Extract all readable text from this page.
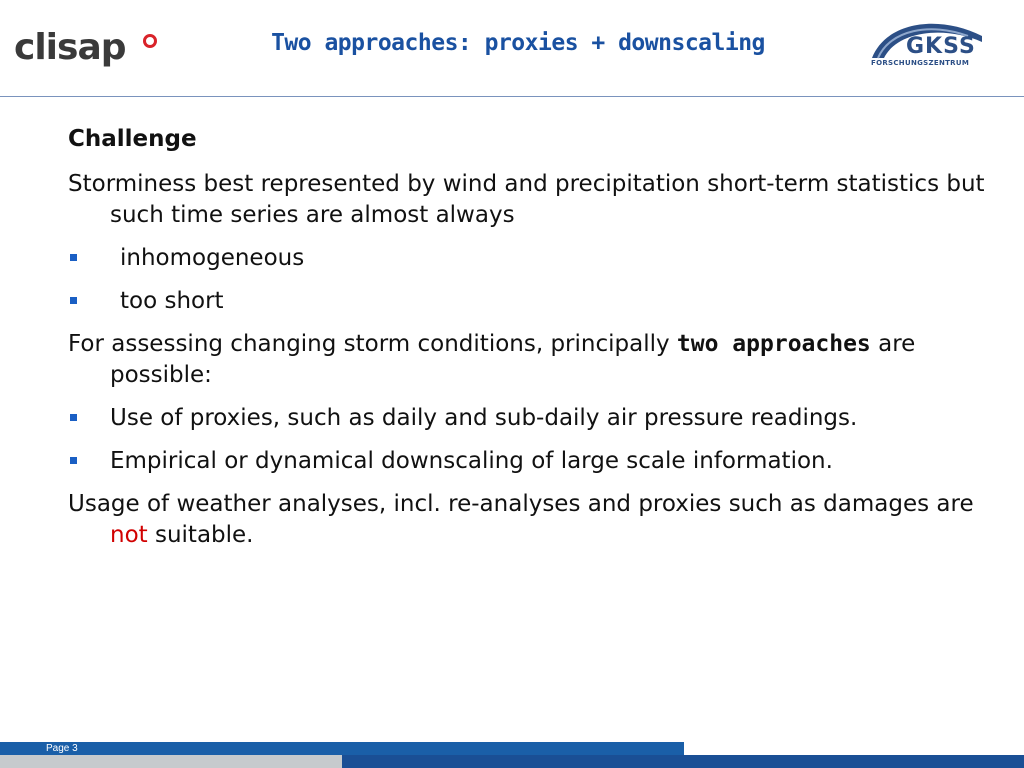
clisap	Two approaches: proxies + downscaling	GKSS
FORSCHUNGSZENTRUM
Challenge
Storminess best represented by wind and precipitation short-term statistics but such time series are almost always
inhomogeneous
too short
For assessing changing storm conditions, principally two approaches are possible:
Use of proxies, such as daily and sub-daily air pressure readings.
Empirical or dynamical downscaling of large scale information.
Usage of weather analyses, incl. re-analyses and proxies such as damages are not suitable.
Page 3
